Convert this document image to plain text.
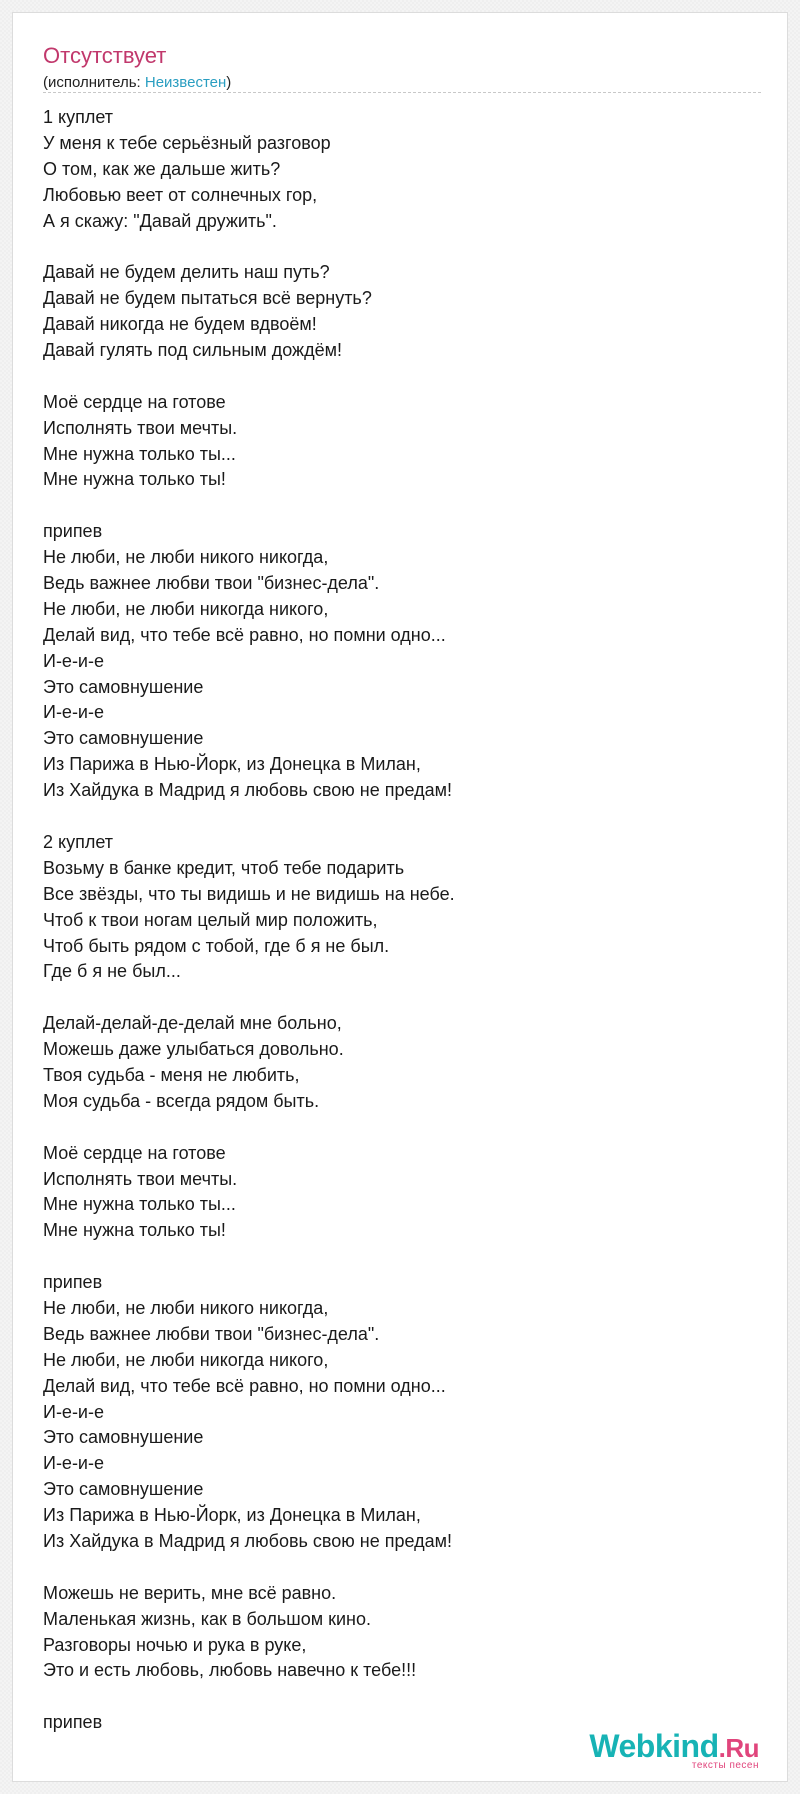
Отсутствует
(исполнитель: Неизвестен)
1 куплет
У меня к тебе серьёзный разговор
О том, как же дальше жить?
Любовью веет от солнечных гор,
А я скажу: "Давай дружить".
Давай не будем делить наш путь?
Давай не будем пытаться всё вернуть?
Давай никогда не будем вдвоём!
Давай гулять под сильным дождём!
Моё сердце на готове
Исполнять твои мечты.
Мне нужна только ты...
Мне нужна только ты!
припев
Не люби, не люби никого никогда,
Ведь важнее любви твои "бизнес-дела".
Не люби, не люби никогда никого,
Делай вид, что тебе всё равно, но помни одно...
И-е-и-е
Это самовнушение
И-е-и-е
Это самовнушение
Из Парижа в Нью-Йорк, из Донецка в Милан,
Из Хайдука в Мадрид я любовь свою не предам!
2 куплет
Возьму в банке кредит, чтоб тебе подарить
Все звёзды, что ты видишь и не видишь на небе.
Чтоб к твои ногам целый мир положить,
Чтоб быть рядом с тобой, где б я не был.
Где б я не был...
Делай-делай-де-делай мне больно,
Можешь даже улыбаться довольно.
Твоя судьба - меня не любить,
Моя судьба - всегда рядом быть.
Моё сердце на готове
Исполнять твои мечты.
Мне нужна только ты...
Мне нужна только ты!
припев
Не люби, не люби никого никогда,
Ведь важнее любви твои "бизнес-дела".
Не люби, не люби никогда никого,
Делай вид, что тебе всё равно, но помни одно...
И-е-и-е
Это самовнушение
И-е-и-е
Это самовнушение
Из Парижа в Нью-Йорк, из Донецка в Милан,
Из Хайдука в Мадрид я любовь свою не предам!
Можешь не верить, мне всё равно.
Маленькая жизнь, как в большом кино.
Разговоры ночью и рука в руке,
Это и есть любовь, любовь навечно к тебе!!!
припев
Webkind.Ru
тексты песен
